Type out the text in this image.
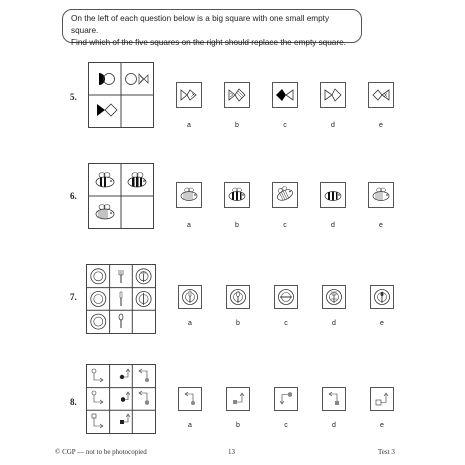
On the left of each question below is a big square with one small empty square.
Find which of the five squares on the right should replace the empty square.
5.
a	b	c	d	e
6.
a	b	c	d	e
7.
a	b	c	d	e
8.
a	b	c	d	e
© CGP — not to be photocopied	13	Test 3
